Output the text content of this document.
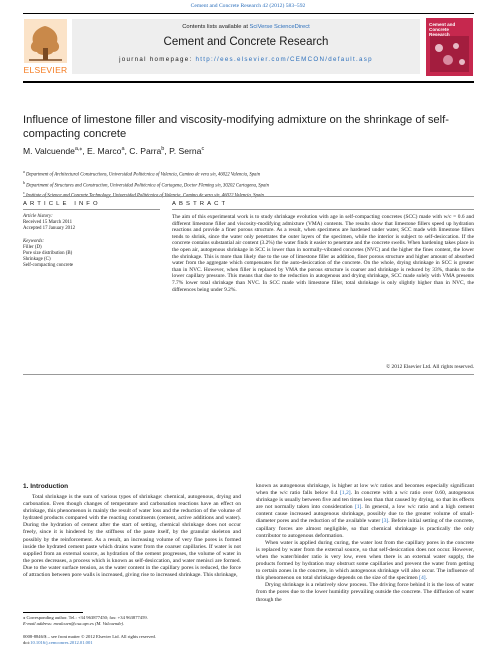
Cement and Concrete Research 42 (2012) 583–592
ELSEVIER
Contents lists available at SciVerse ScienceDirect
Cement and Concrete Research
journal homepage: http://ees.elsevier.com/CEMCON/default.asp
Cement and Concrete Research
Influence of limestone filler and viscosity-modifying admixture on the shrinkage of self-compacting concrete
M. Valcuende$^{a,⁎}$, E. Marco$^a$, C. Parra$^b$, P. Serna$^c$
$^a$ Department of Architectural Constructions, Universidad Politécnica of Valencia, Camino de vera s/n, 46022 Valencia, Spain
$^b$ Department of Structures and Construction, Universidad Politécnica of Cartagena, Doctor Fleming s/n, 30202 Cartagena, Spain
$^c$
ARTICLE INFO	ABSTRACT
Article history:
Received 15 March 2011
Accepted 17 January 2012
Keywords:
Filler (D)
Pore size distribution (B)
Shrinkage (C)
Self-compacting concrete
The aim of this experimental work is to study shrinkage evolution with age in self-compacting concretes (SCC) made with w/c = 0.6 and different limestone filler and viscosity-modifying admixture (VMA) contents. The results show that limestone fillers speed up hydration reactions and provide a finer porous structure. As a result, when specimens are hardened under water, SCC made with limestone fillers tends to shrink, since the water only penetrates the outer layers of the specimen, while the interior is subject to self-desiccation. If the concrete contains substantial air content (3.2%) the water finds it easier to penetrate and the concrete swells. When hardening takes place in the open air, autogenous shrinkage in SCC is lower than in normally-vibrated concretes (NVC) and the higher the fines content, the lower the shrinkage. This is more than likely due to the use of limestone filler as addition, finer porous structure and higher amount of absorbed water from the aggregate which compensates for the auto-desiccation of the concrete. On the whole, drying shrinkage in SCC is greater than in NVC. However, when filler is replaced by VMA the porous structure is coarser and shrinkage is reduced by 33%, thanks to the lower capillary pressure. This means that due to the reduction in autogenous and drying shrinkage, SCC made solely with VMA presents 7.7% lower total shrinkage than NVC. In SCC made with limestone filler, total shrinkage is only slightly higher than in NVC, the differences being under 9.2%.
© 2012 Elsevier Ltd. All rights reserved.
1. Introduction

Total shrinkage is the sum of various types of shrinkage: chemical, autogenous, drying and carbonation. Even though changes of temperature and carbonation reactions have an effect on shrinkage, this phenomenon is mainly the result of water loss and the reduction of the volume of hydrated products compared with the reacting constituents (cement, active additions and water). During the hydration of cement after the start of setting, chemical shrinkage does not occur freely, since it is hindered by the stiffness of the paste itself, by the granular skeleton and possibly by the reinforcement. As a result, an increasing volume of very fine pores is formed inside the hydrated cement paste which drains water from the coarser capillaries. If water is not supplied from an external source, as hydration of the cement progresses, the volume of water in the pores decreases, a process which is known as self-desiccation, and water menisci are formed. Due to the water surface tension, as the water content in the capillary pores is reduced, the force of attraction between pore walls is increased, giving rise to increased shrinkage. This shrinkage,

known as autogenous shrinkage, is higher at low w/c ratios and becomes especially significant when the w/c ratio falls below 0.4 [1,2]. In concrete with a w/c ratio over 0.60, autogenous shrinkage is usually between five and ten times less than that caused by drying, so that its effects are not normally taken into consideration [1]. In general, a low w/c ratio and a high cement content cause increased autogenous shrinkage, possibly due to the greater volume of small-diameter pores and the reduction of the available water [3]. Before initial setting of the concrete, capillary forces are almost negligible, so that chemical shrinkage is practically the only contributor to autogenous deformation.

When water is applied during curing, the water lost from the capillary pores in the concrete is replaced by water from the external source, so that self-desiccation does not occur. However, when the water/binder ratio is very low, even when there is an external water supply, the products formed by hydration may obstruct some capillaries and prevent the water from getting to certain zones in the concrete, in which autogenous shrinkage will also occur. The influence of this phenomenon on total shrinkage depends on the size of the specimen [4].

Drying shrinkage is a relatively slow process. The driving force behind it is the loss of water from the pores due to the lower humidity prevailing outside the concrete. The diffusion of water through the

⁎ Corresponding author. Tel.: +34 963877450; fax: +34 963877459.
E-mail address: mvalcuen@csa.upv.es (M. Valcuende).
0008-8846/$ – see front matter © 2012 Elsevier Ltd. All rights reserved.
doi:10.1016/j.cemconres.2012.01.001
